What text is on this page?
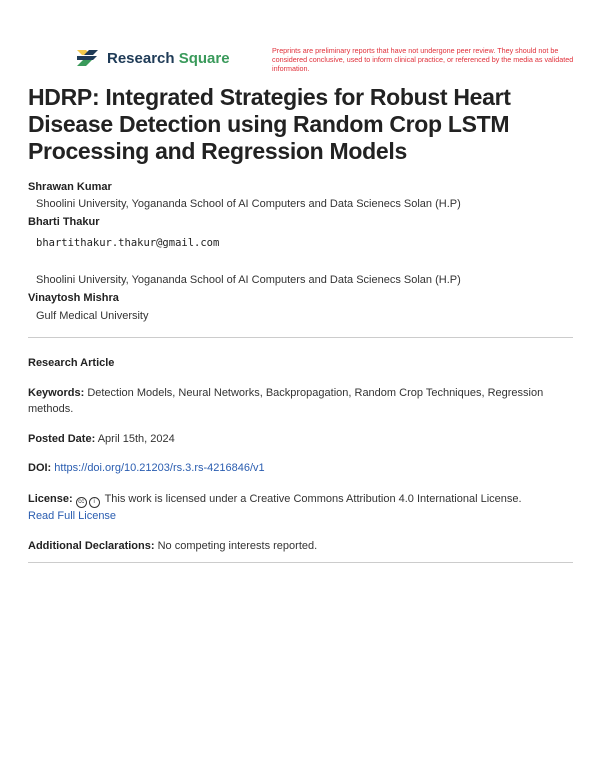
Research Square	Preprints are preliminary reports that have not undergone peer review. They should not be considered conclusive, used to inform clinical practice, or referenced by the media as validated information.
HDRP: Integrated Strategies for Robust Heart Disease Detection using Random Crop LSTM Processing and Regression Models
Shrawan Kumar
Shoolini University, Yogananda School of AI Computers and Data Scienecs Solan (H.P)
Bharti Thakur
bhartithakur.thakur@gmail.com
Shoolini University, Yogananda School of AI Computers and Data Scienecs Solan (H.P)
Vinaytosh Mishra
Gulf Medical University
Research Article
Keywords: Detection Models, Neural Networks, Backpropagation, Random Crop Techniques, Regression methods.
Posted Date: April 15th, 2024
DOI: https://doi.org/10.21203/rs.3.rs-4216846/v1
License: cc i This work is licensed under a Creative Commons Attribution 4.0 International License.
Read Full License
Additional Declarations: No competing interests reported.
